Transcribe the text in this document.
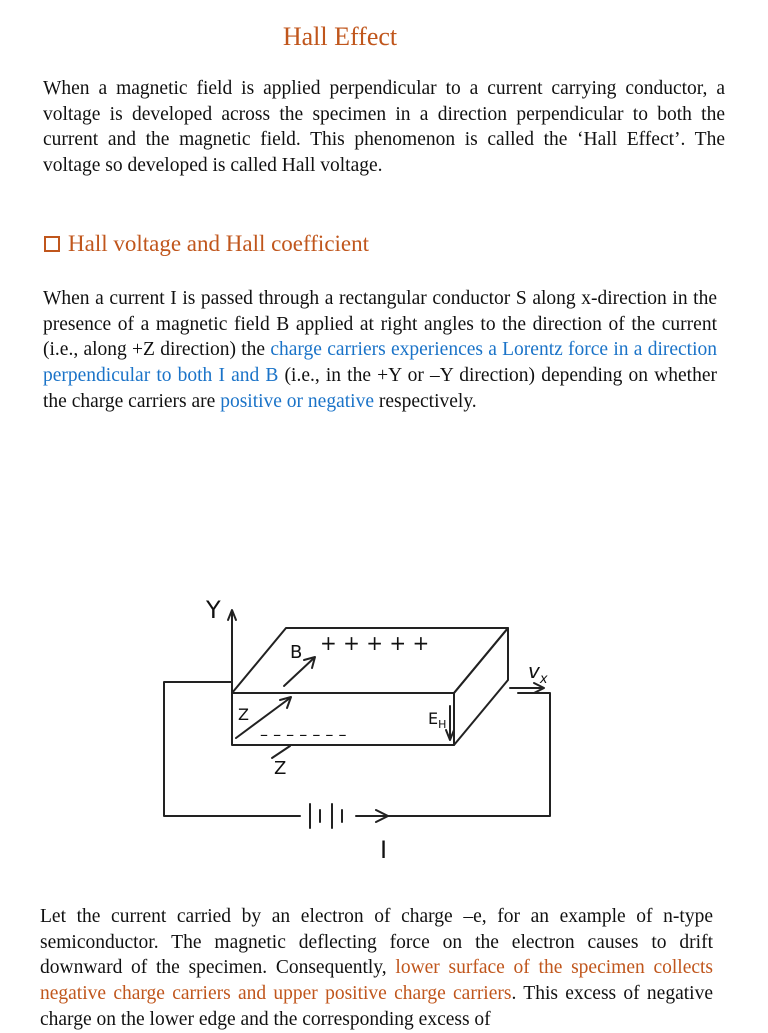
Hall Effect

When a magnetic field is applied perpendicular to a current carrying conductor, a voltage is developed across the specimen in a direction perpendicular to both the current and the magnetic field. This phenomenon is called the ‘Hall Effect’. The voltage so developed is called Hall voltage.

Hall voltage and Hall coefficient

When a current I is passed through a rectangular conductor S along x-direction in the presence of a magnetic field B applied at right angles to the direction of the current (i.e., along +Z direction) the charge carriers experiences a Lorentz force in a direction perpendicular to both I and B (i.e., in the +Y or –Y direction) depending on whether the charge carriers are positive or negative respectively.

Y
B + + + + +
$v_x$
Z
Z
$E_H$
– – – – – – –
I

Let the current carried by an electron of charge –e, for an example of n-type semiconductor. The magnetic deflecting force on the electron causes to drift downward of the specimen. Consequently, lower surface of the specimen collects negative charge carriers and upper positive charge carriers. This excess of negative charge on the lower edge and the corresponding excess of
